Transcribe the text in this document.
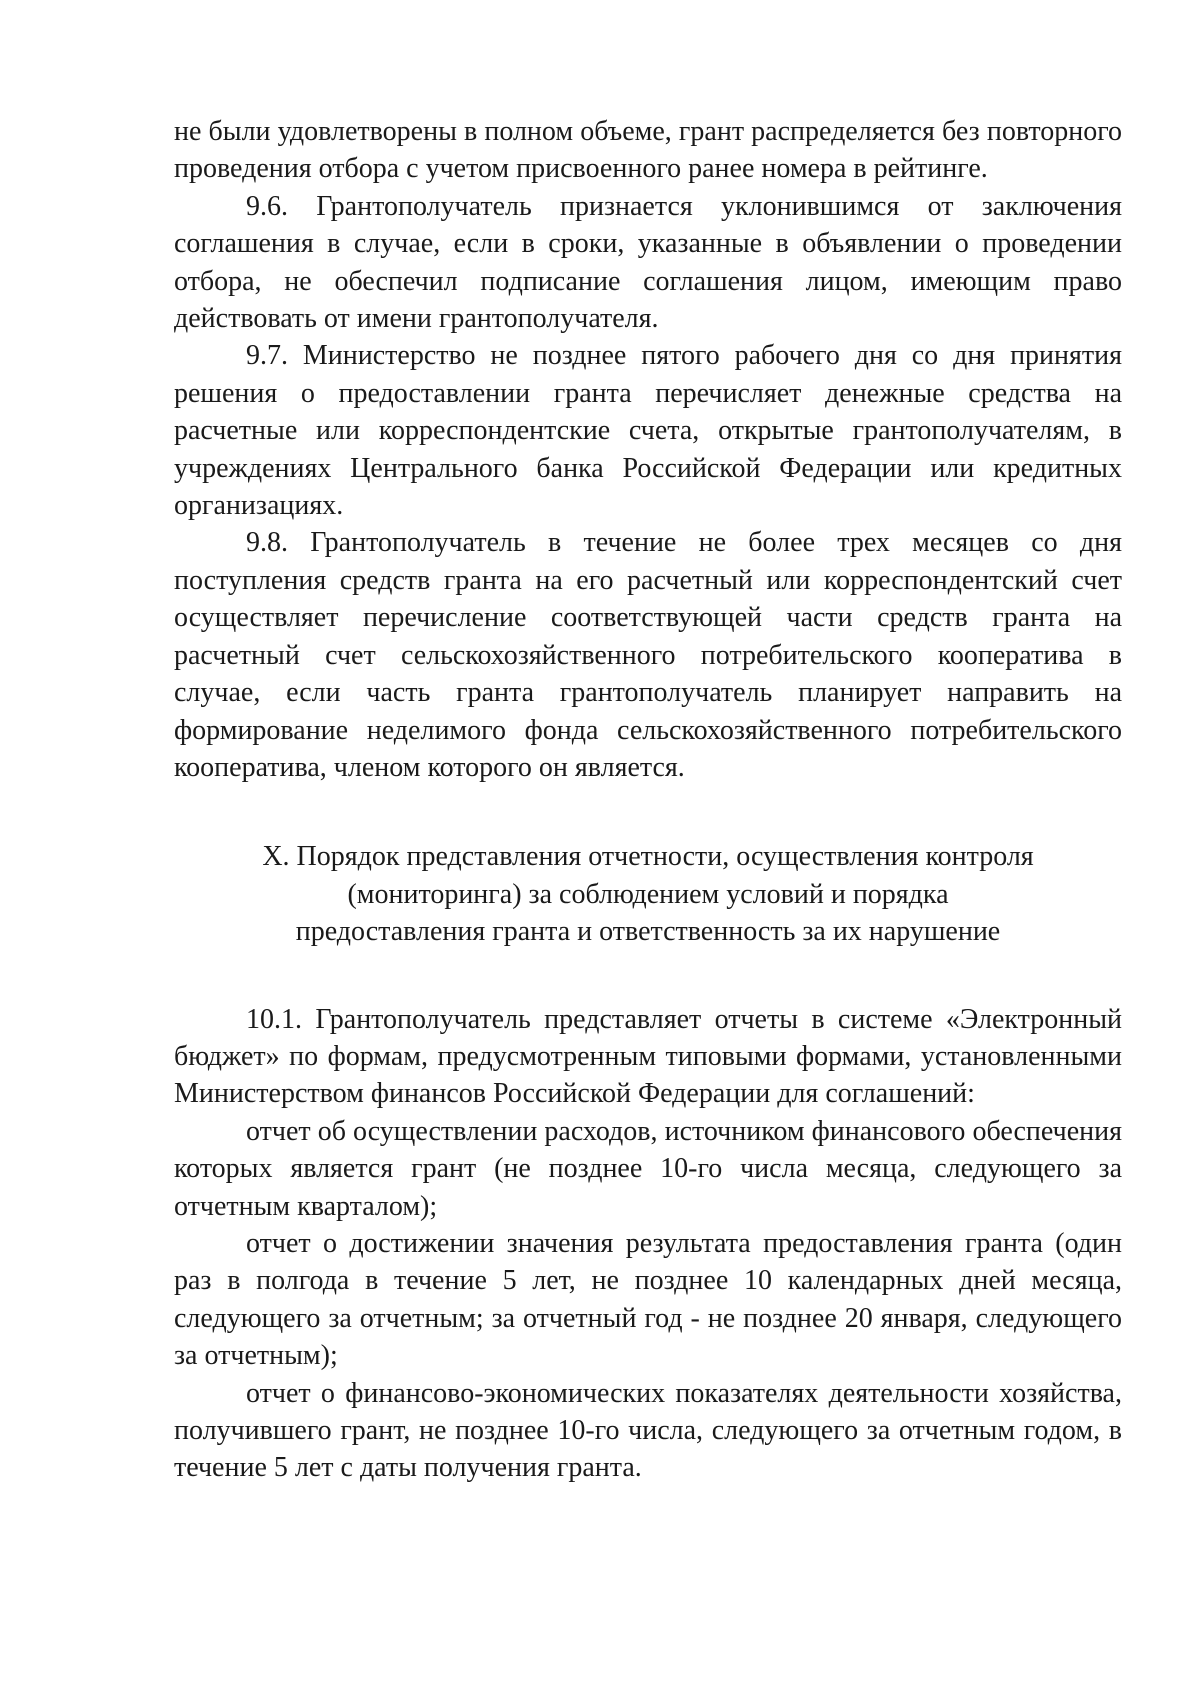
не были удовлетворены в полном объеме, грант распределяется без повторного проведения отбора с учетом присвоенного ранее номера в рейтинге.

9.6. Грантополучатель признается уклонившимся от заключения соглашения в случае, если в сроки, указанные в объявлении о проведении отбора, не обеспечил подписание соглашения лицом, имеющим право действовать от имени грантополучателя.

9.7. Министерство не позднее пятого рабочего дня со дня принятия решения о предоставлении гранта перечисляет денежные средства на расчетные или корреспондентские счета, открытые грантополучателям, в учреждениях Центрального банка Российской Федерации или кредитных организациях.

9.8. Грантополучатель в течение не более трех месяцев со дня поступления средств гранта на его расчетный или корреспондентский счет осуществляет перечисление соответствующей части средств гранта на расчетный счет сельскохозяйственного потребительского кооператива в случае, если часть гранта грантополучатель планирует направить на формирование неделимого фонда сельскохозяйственного потребительского кооператива, членом которого он является.

X. Порядок представления отчетности, осуществления контроля
(мониторинга) за соблюдением условий и порядка
предоставления гранта и ответственность за их нарушение

10.1. Грантополучатель представляет отчеты в системе «Электронный бюджет» по формам, предусмотренным типовыми формами, установленными Министерством финансов Российской Федерации для соглашений:

отчет об осуществлении расходов, источником финансового обеспечения которых является грант (не позднее 10-го числа месяца, следующего за отчетным кварталом);

отчет о достижении значения результата предоставления гранта (один раз в полгода в течение 5 лет, не позднее 10 календарных дней месяца, следующего за отчетным; за отчетный год - не позднее 20 января, следующего за отчетным);

отчет о финансово-экономических показателях деятельности хозяйства, получившего грант, не позднее 10-го числа, следующего за отчетным годом, в течение 5 лет с даты получения гранта.
